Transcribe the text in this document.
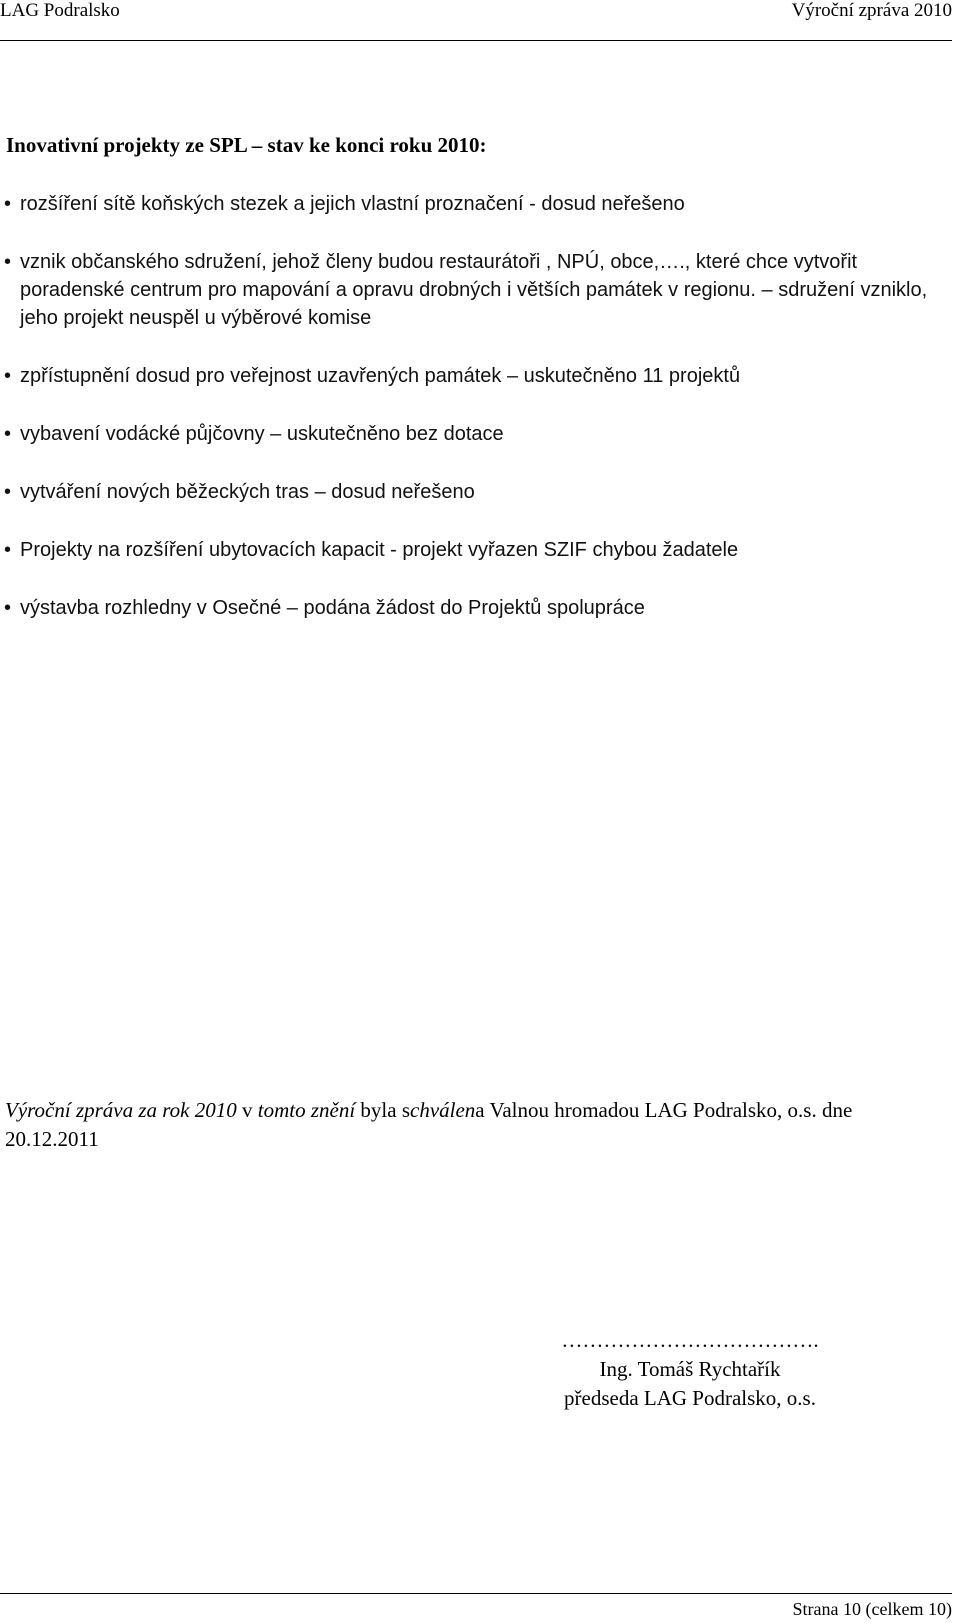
LAG Podralsko	Výroční zpráva 2010
Inovativní projekty ze SPL – stav ke konci roku 2010:
• rozšíření sítě koňských stezek a jejich vlastní proznačení - dosud neřešeno
• vznik občanského sdružení, jehož členy budou restaurátoři , NPÚ, obce,…., které chce vytvořit poradenské centrum pro mapování a opravu drobných i větších památek v regionu. – sdružení vzniklo, jeho projekt neuspěl u výběrové komise
• zpřístupnění dosud pro veřejnost uzavřených památek – uskutečněno 11 projektů
• vybavení vodácké půjčovny – uskutečněno bez dotace
• vytváření nových běžeckých tras – dosud neřešeno
• Projekty na rozšíření ubytovacích kapacit - projekt vyřazen SZIF chybou žadatele
• výstavba rozhledny v Osečné – podána žádost do Projektů spolupráce
Výroční zpráva za rok 2010 v tomto znění byla schválena Valnou hromadou LAG Podralsko, o.s. dne 20.12.2011
……………………………….
Ing. Tomáš Rychtařík
předseda LAG Podralsko, o.s.
Strana 10 (celkem 10)
